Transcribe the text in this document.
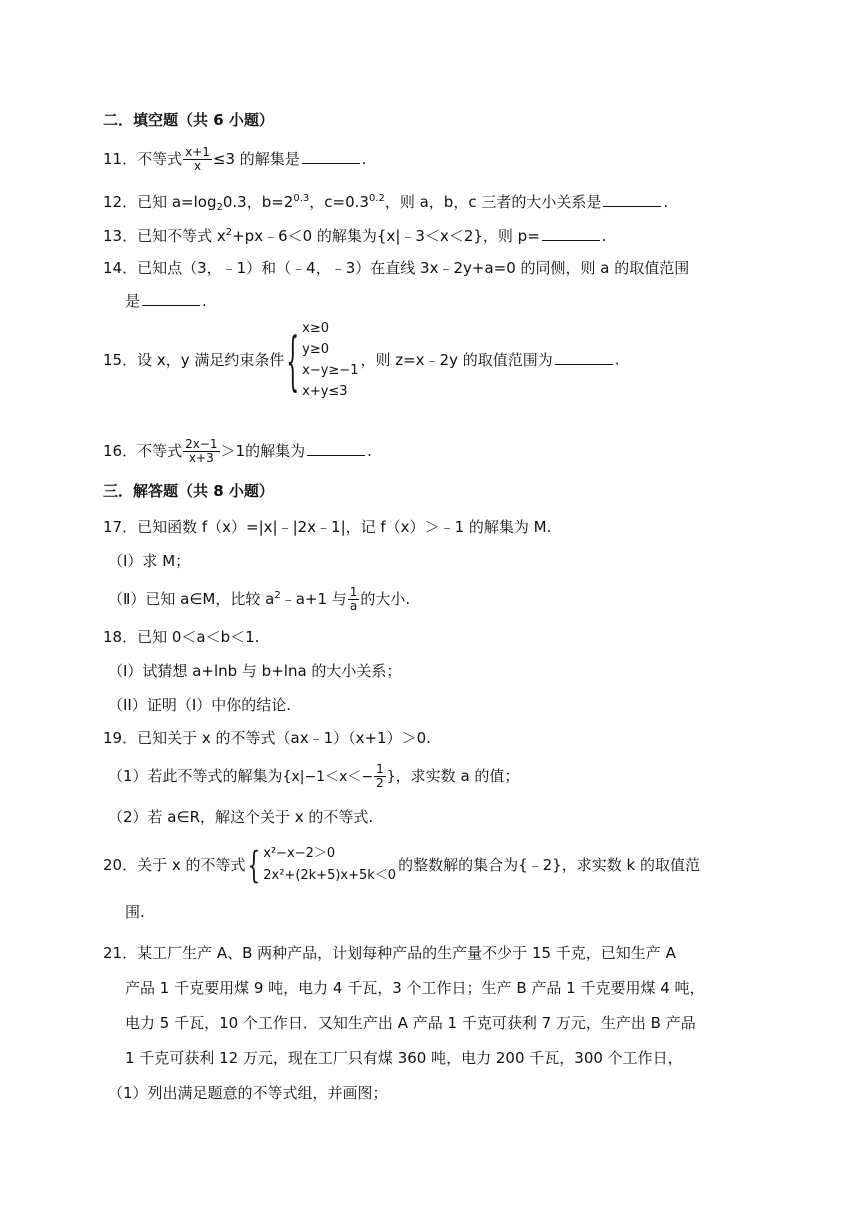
二．填空题（共 6 小题）
11．不等式 $\frac{x+1}{x} \le 3$ 的解集是	.
12．已知 $a=\log_20.3$，$b=2^{0.3}$，$c=0.3^{0.2}$，则 a，b，c 三者的大小关系是	.
13．已知不等式 $x^2+px﹣6<0$ 的解集为{x|﹣3＜x＜2}，则 p=	.
14．已知点（3，﹣1）和（﹣4，﹣3）在直线 3x﹣2y+a=0 的同侧，则 a 的取值范围
是	.
15．设 x，y 满足约束条件 { x≥0
y≥0
x−y≥−1
x+y≤3
，则 z=x﹣2y 的取值范围为	.
16．不等式 $\frac{2x-1}{x+3} >1$的解集为	.
三．解答题（共 8 小题）
17．已知函数 f（x）=|x|﹣|2x﹣1|，记 f（x）＞﹣1 的解集为 M.
（Ⅰ）求 M；
（Ⅱ）已知 a∈M，比较 $a^2﹣a+1$ 与 $\frac{1}{a}$ 的大小.
18．已知 0＜a＜b＜1.
（I）试猜想 a+lnb 与 b+lna 的大小关系；
（II）证明（I）中你的结论.
19．已知关于 x 的不等式（ax﹣1）（x+1）＞0.
（1）若此不等式的解集为 {$x|-1<x<- \frac{1}{2}$ } ，求实数 a 的值；
（2）若 a∈R，解这个关于 x 的不等式.
20．关于 x 的不等式 { x²−x−2＞0
2x²+(2k+5)x+5k＜0
的整数解的集合为{﹣2}，求实数 k 的取值范
围.
21．某工厂生产 A、B 两种产品，计划每种产品的生产量不少于 15 千克，已知生产 A
产品 1 千克要用煤 9 吨，电力 4 千瓦，3 个工作日；生产 B 产品 1 千克要用煤 4 吨，
电力 5 千瓦，10 个工作日．又知生产出 A 产品 1 千克可获利 7 万元，生产出 B 产品
1 千克可获利 12 万元，现在工厂只有煤 360 吨，电力 200 千瓦，300 个工作日，
（1）列出满足题意的不等式组，并画图；
